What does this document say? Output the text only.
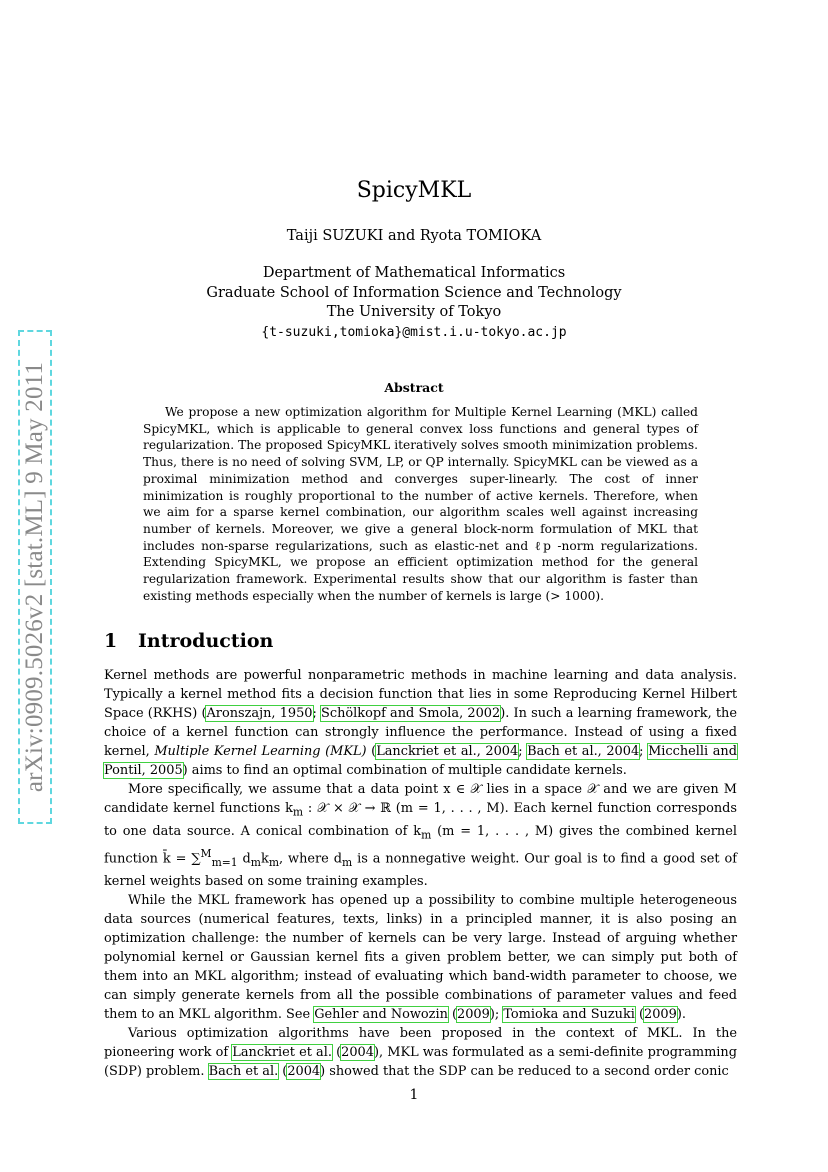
arXiv:0909.5026v2 [stat.ML] 9 May 2011
SpicyMKL
Taiji SUZUKI and Ryota TOMIOKA
Department of Mathematical Informatics
Graduate School of Information Science and Technology
The University of Tokyo
{t-suzuki,tomioka}@mist.i.u-tokyo.ac.jp
Abstract

We propose a new optimization algorithm for Multiple Kernel Learning (MKL) called SpicyMKL, which is applicable to general convex loss functions and general types of regularization. The proposed SpicyMKL iteratively solves smooth minimization problems. Thus, there is no need of solving SVM, LP, or QP internally. SpicyMKL can be viewed as a proximal minimization method and converges super-linearly. The cost of inner minimization is roughly proportional to the number of active kernels. Therefore, when we aim for a sparse kernel combination, our algorithm scales well against increasing number of kernels. Moreover, we give a general block-norm formulation of MKL that includes non-sparse regularizations, such as elastic-net and ℓp -norm regularizations. Extending SpicyMKL, we propose an efficient optimization method for the general regularization framework. Experimental results show that our algorithm is faster than existing methods especially when the number of kernels is large (> 1000).

1 Introduction

Kernel methods are powerful nonparametric methods in machine learning and data analysis. Typically a kernel method fits a decision function that lies in some Reproducing Kernel Hilbert Space (RKHS) (Aronszajn, 1950; Schölkopf and Smola, 2002). In such a learning framework, the choice of a kernel function can strongly influence the performance. Instead of using a fixed kernel, Multiple Kernel Learning (MKL) (Lanckriet et al., 2004; Bach et al., 2004; Micchelli and Pontil, 2005) aims to find an optimal combination of multiple candidate kernels.

More specifically, we assume that a data point x ∈ 𝒳 lies in a space 𝒳 and we are given M candidate kernel functions $k_m$ : 𝒳 × 𝒳 → ℝ (m = 1, . . . , M). Each kernel function corresponds to one data source. A conical combination of $k_m$ (m = 1, . . . , M) gives the combined kernel function k̄ = ∑$^M_{m=1}$ $d_mk_m$, where $d_m$ is a nonnegative weight. Our goal is to find a good set of kernel weights based on some training examples.

While the MKL framework has opened up a possibility to combine multiple heterogeneous data sources (numerical features, texts, links) in a principled manner, it is also posing an optimization challenge: the number of kernels can be very large. Instead of arguing whether polynomial kernel or Gaussian kernel fits a given problem better, we can simply put both of them into an MKL algorithm; instead of evaluating which band-width parameter to choose, we can simply generate kernels from all the possible combinations of parameter values and feed them to an MKL algorithm. See Gehler and Nowozin (2009); Tomioka and Suzuki (2009).

Various optimization algorithms have been proposed in the context of MKL. In the pioneering work of Lanckriet et al. (2004), MKL was formulated as a semi-definite programming (SDP) problem. Bach et al. (2004) showed that the SDP can be reduced to a second order conic

1
